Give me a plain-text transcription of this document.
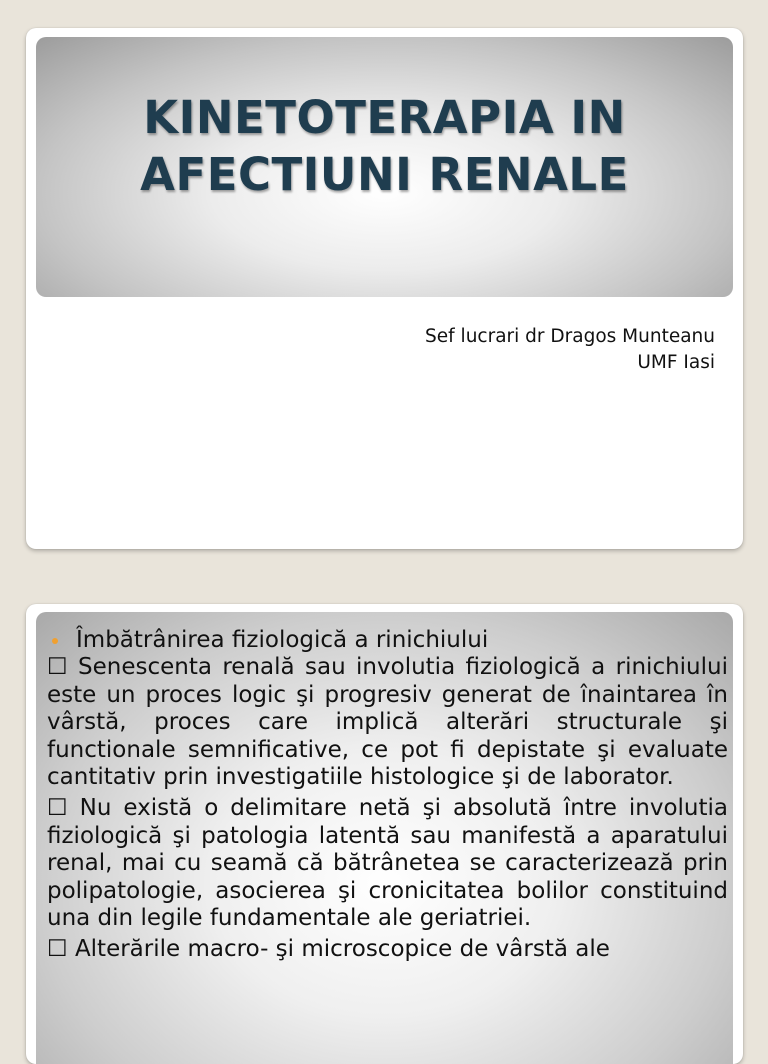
KINETOTERAPIA IN
AFECTIUNI RENALE
Sef lucrari dr Dragos Munteanu
UMF Iasi
Îmbătrânirea fiziologică a rinichiului

☐ Senescenta renală sau involutia fiziologică a rinichiului este un proces logic şi progresiv generat de înaintarea în vârstă, proces care implică alterări structurale şi functionale semnificative, ce pot fi depistate şi evaluate cantitativ prin investigatiile histologice şi de laborator.

☐ Nu există o delimitare netă şi absolută între involutia fiziologică şi patologia latentă sau manifestă a aparatului renal, mai cu seamă că bătrânetea se caracterizează prin polipatologie, asocierea şi cronicitatea bolilor constituind una din legile fundamentale ale geriatriei.

☐ Alterările macro- şi microscopice de vârstă ale
